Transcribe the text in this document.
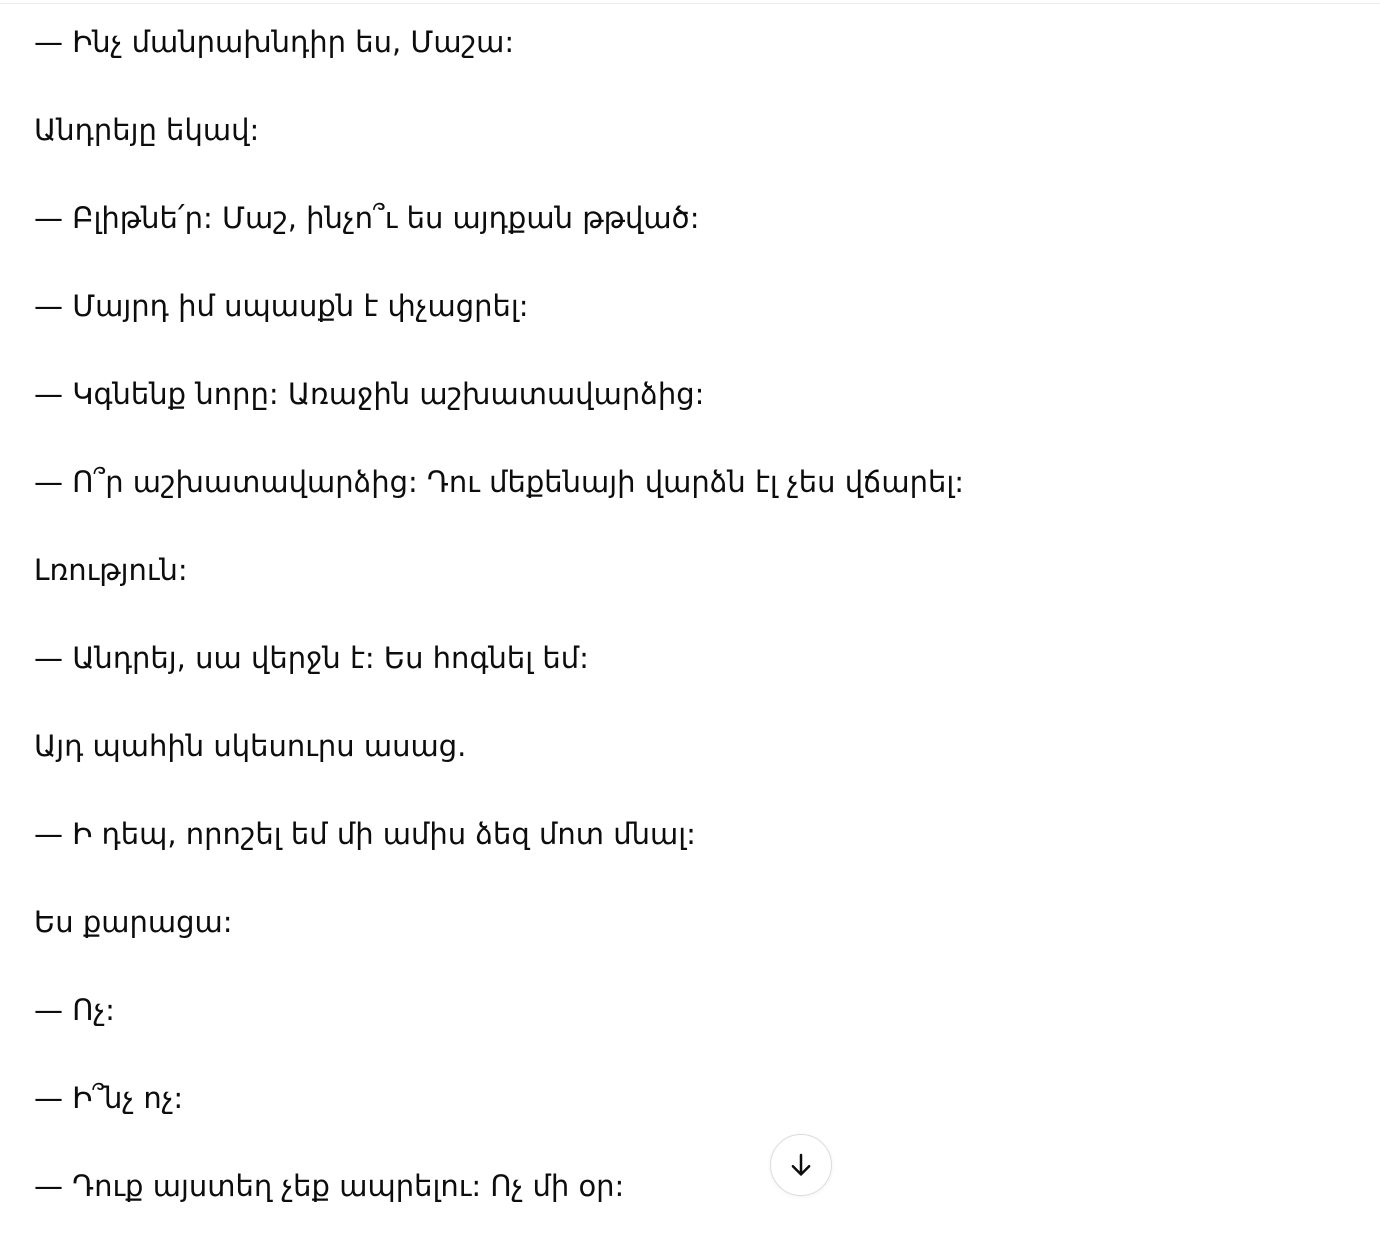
— Ինչ մանրախնդիր ես, Մաշա:

Անդրեյը եկավ:

— Բլիթնե՛ր: Մաշ, ինչո՞ւ ես այդքան թթված:

— Մայրդ իմ սպասքն է փչացրել:

— Կգնենք նորը: Առաջին աշխատավարձից:

— Ո՞ր աշխատավարձից: Դու մեքենայի վարձն էլ չես վճարել:

Լռություն:

— Անդրեյ, սա վերջն է: Ես հոգնել եմ:

Այդ պահին սկեսուրս ասաց.

— Ի դեպ, որոշել եմ մի ամիս ձեզ մոտ մնալ:

Ես քարացա:

— Ոչ:

— Ի՞նչ ոչ:

— Դուք այստեղ չեք ապրելու: Ոչ մի օր:
